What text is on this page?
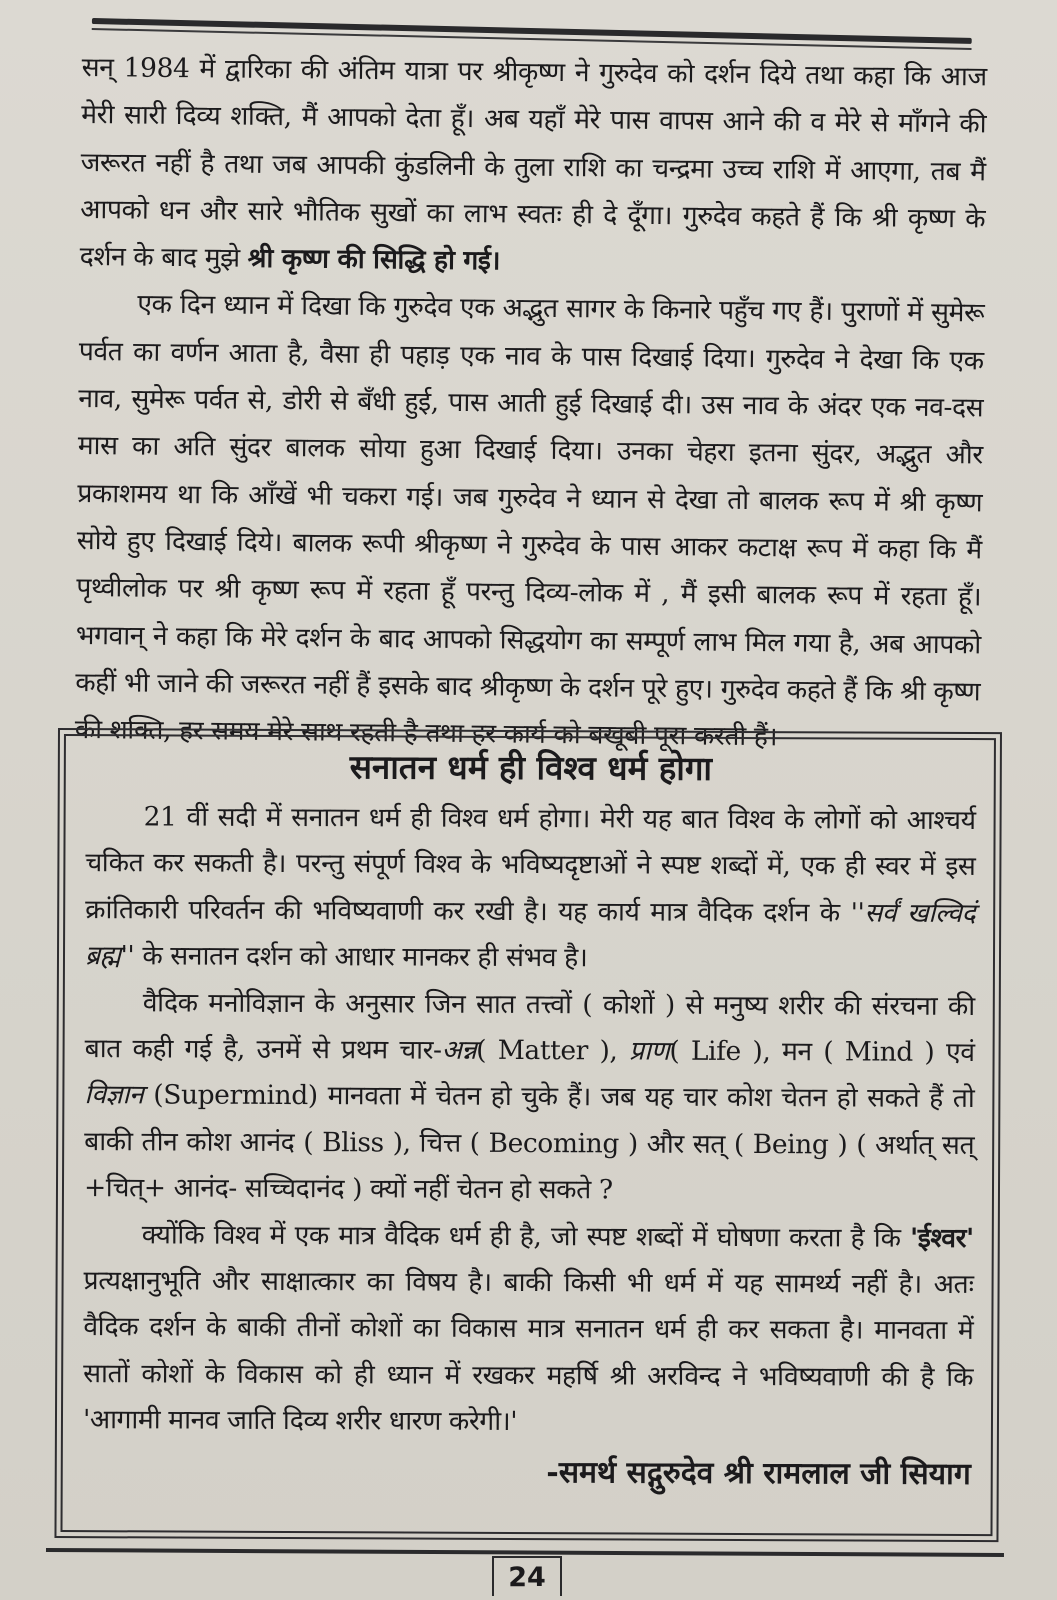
सन् 1984 में द्वारिका की अंतिम यात्रा पर श्रीकृष्ण ने गुरुदेव को दर्शन दिये तथा कहा कि आज मेरी सारी दिव्य शक्ति, मैं आपको देता हूँ। अब यहाँ मेरे पास वापस आने की व मेरे से माँगने की जरूरत नहीं है तथा जब आपकी कुंडलिनी के तुला राशि का चन्द्रमा उच्च राशि में आएगा, तब मैं आपको धन और सारे भौतिक सुखों का लाभ स्वतः ही दे दूँगा। गुरुदेव कहते हैं कि श्री कृष्ण के दर्शन के बाद मुझे श्री कृष्ण की सिद्धि हो गई।

एक दिन ध्यान में दिखा कि गुरुदेव एक अद्भुत सागर के किनारे पहुँच गए हैं। पुराणों में सुमेरू पर्वत का वर्णन आता है, वैसा ही पहाड़ एक नाव के पास दिखाई दिया। गुरुदेव ने देखा कि एक नाव, सुमेरू पर्वत से, डोरी से बँधी हुई, पास आती हुई दिखाई दी। उस नाव के अंदर एक नव-दस मास का अति सुंदर बालक सोया हुआ दिखाई दिया। उनका चेहरा इतना सुंदर, अद्भुत और प्रकाशमय था कि आँखें भी चकरा गई। जब गुरुदेव ने ध्यान से देखा तो बालक रूप में श्री कृष्ण सोये हुए दिखाई दिये। बालक रूपी श्रीकृष्ण ने गुरुदेव के पास आकर कटाक्ष रूप में कहा कि मैं पृथ्वीलोक पर श्री कृष्ण रूप में रहता हूँ परन्तु दिव्य-लोक में , मैं इसी बालक रूप में रहता हूँ। भगवान् ने कहा कि मेरे दर्शन के बाद आपको सिद्धयोग का सम्पूर्ण लाभ मिल गया है, अब आपको कहीं भी जाने की जरूरत नहीं हैं इसके बाद श्रीकृष्ण के दर्शन पूरे हुए। गुरुदेव कहते हैं कि श्री कृष्ण की शक्ति, हर समय मेरे साथ रहती है तथा हर कार्य को बखूबी पूरा करती हैं।

सनातन धर्म ही विश्व धर्म होगा

21 वीं सदी में सनातन धर्म ही विश्व धर्म होगा। मेरी यह बात विश्व के लोगों को आश्चर्य चकित कर सकती है। परन्तु संपूर्ण विश्व के भविष्यदृष्टाओं ने स्पष्ट शब्दों में, एक ही स्वर में इस क्रांतिकारी परिवर्तन की भविष्यवाणी कर रखी है। यह कार्य मात्र वैदिक दर्शन के ''सर्वं खल्विदं ब्रह्म'' के सनातन दर्शन को आधार मानकर ही संभव है।

वैदिक मनोविज्ञान के अनुसार जिन सात तत्त्वों ( कोशों ) से मनुष्य शरीर की संरचना की बात कही गई है, उनमें से प्रथम चार-अन्न( Matter ), प्राण( Life ), मन ( Mind ) एवं विज्ञान (Supermind) मानवता में चेतन हो चुके हैं। जब यह चार कोश चेतन हो सकते हैं तो बाकी तीन कोश आनंद ( Bliss ), चित्त ( Becoming ) और सत् ( Being ) ( अर्थात् सत् +चित्+ आनंद- सच्चिदानंद ) क्यों नहीं चेतन हो सकते ?

क्योंकि विश्व में एक मात्र वैदिक धर्म ही है, जो स्पष्ट शब्दों में घोषणा करता है कि 'ईश्वर' प्रत्यक्षानुभूति और साक्षात्कार का विषय है। बाकी किसी भी धर्म में यह सामर्थ्य नहीं है। अतः वैदिक दर्शन के बाकी तीनों कोशों का विकास मात्र सनातन धर्म ही कर सकता है। मानवता में सातों कोशों के विकास को ही ध्यान में रखकर महर्षि श्री अरविन्द ने भविष्यवाणी की है कि 'आगामी मानव जाति दिव्य शरीर धारण करेगी।'

-समर्थ सद्गुरुदेव श्री रामलाल जी सियाग
24
